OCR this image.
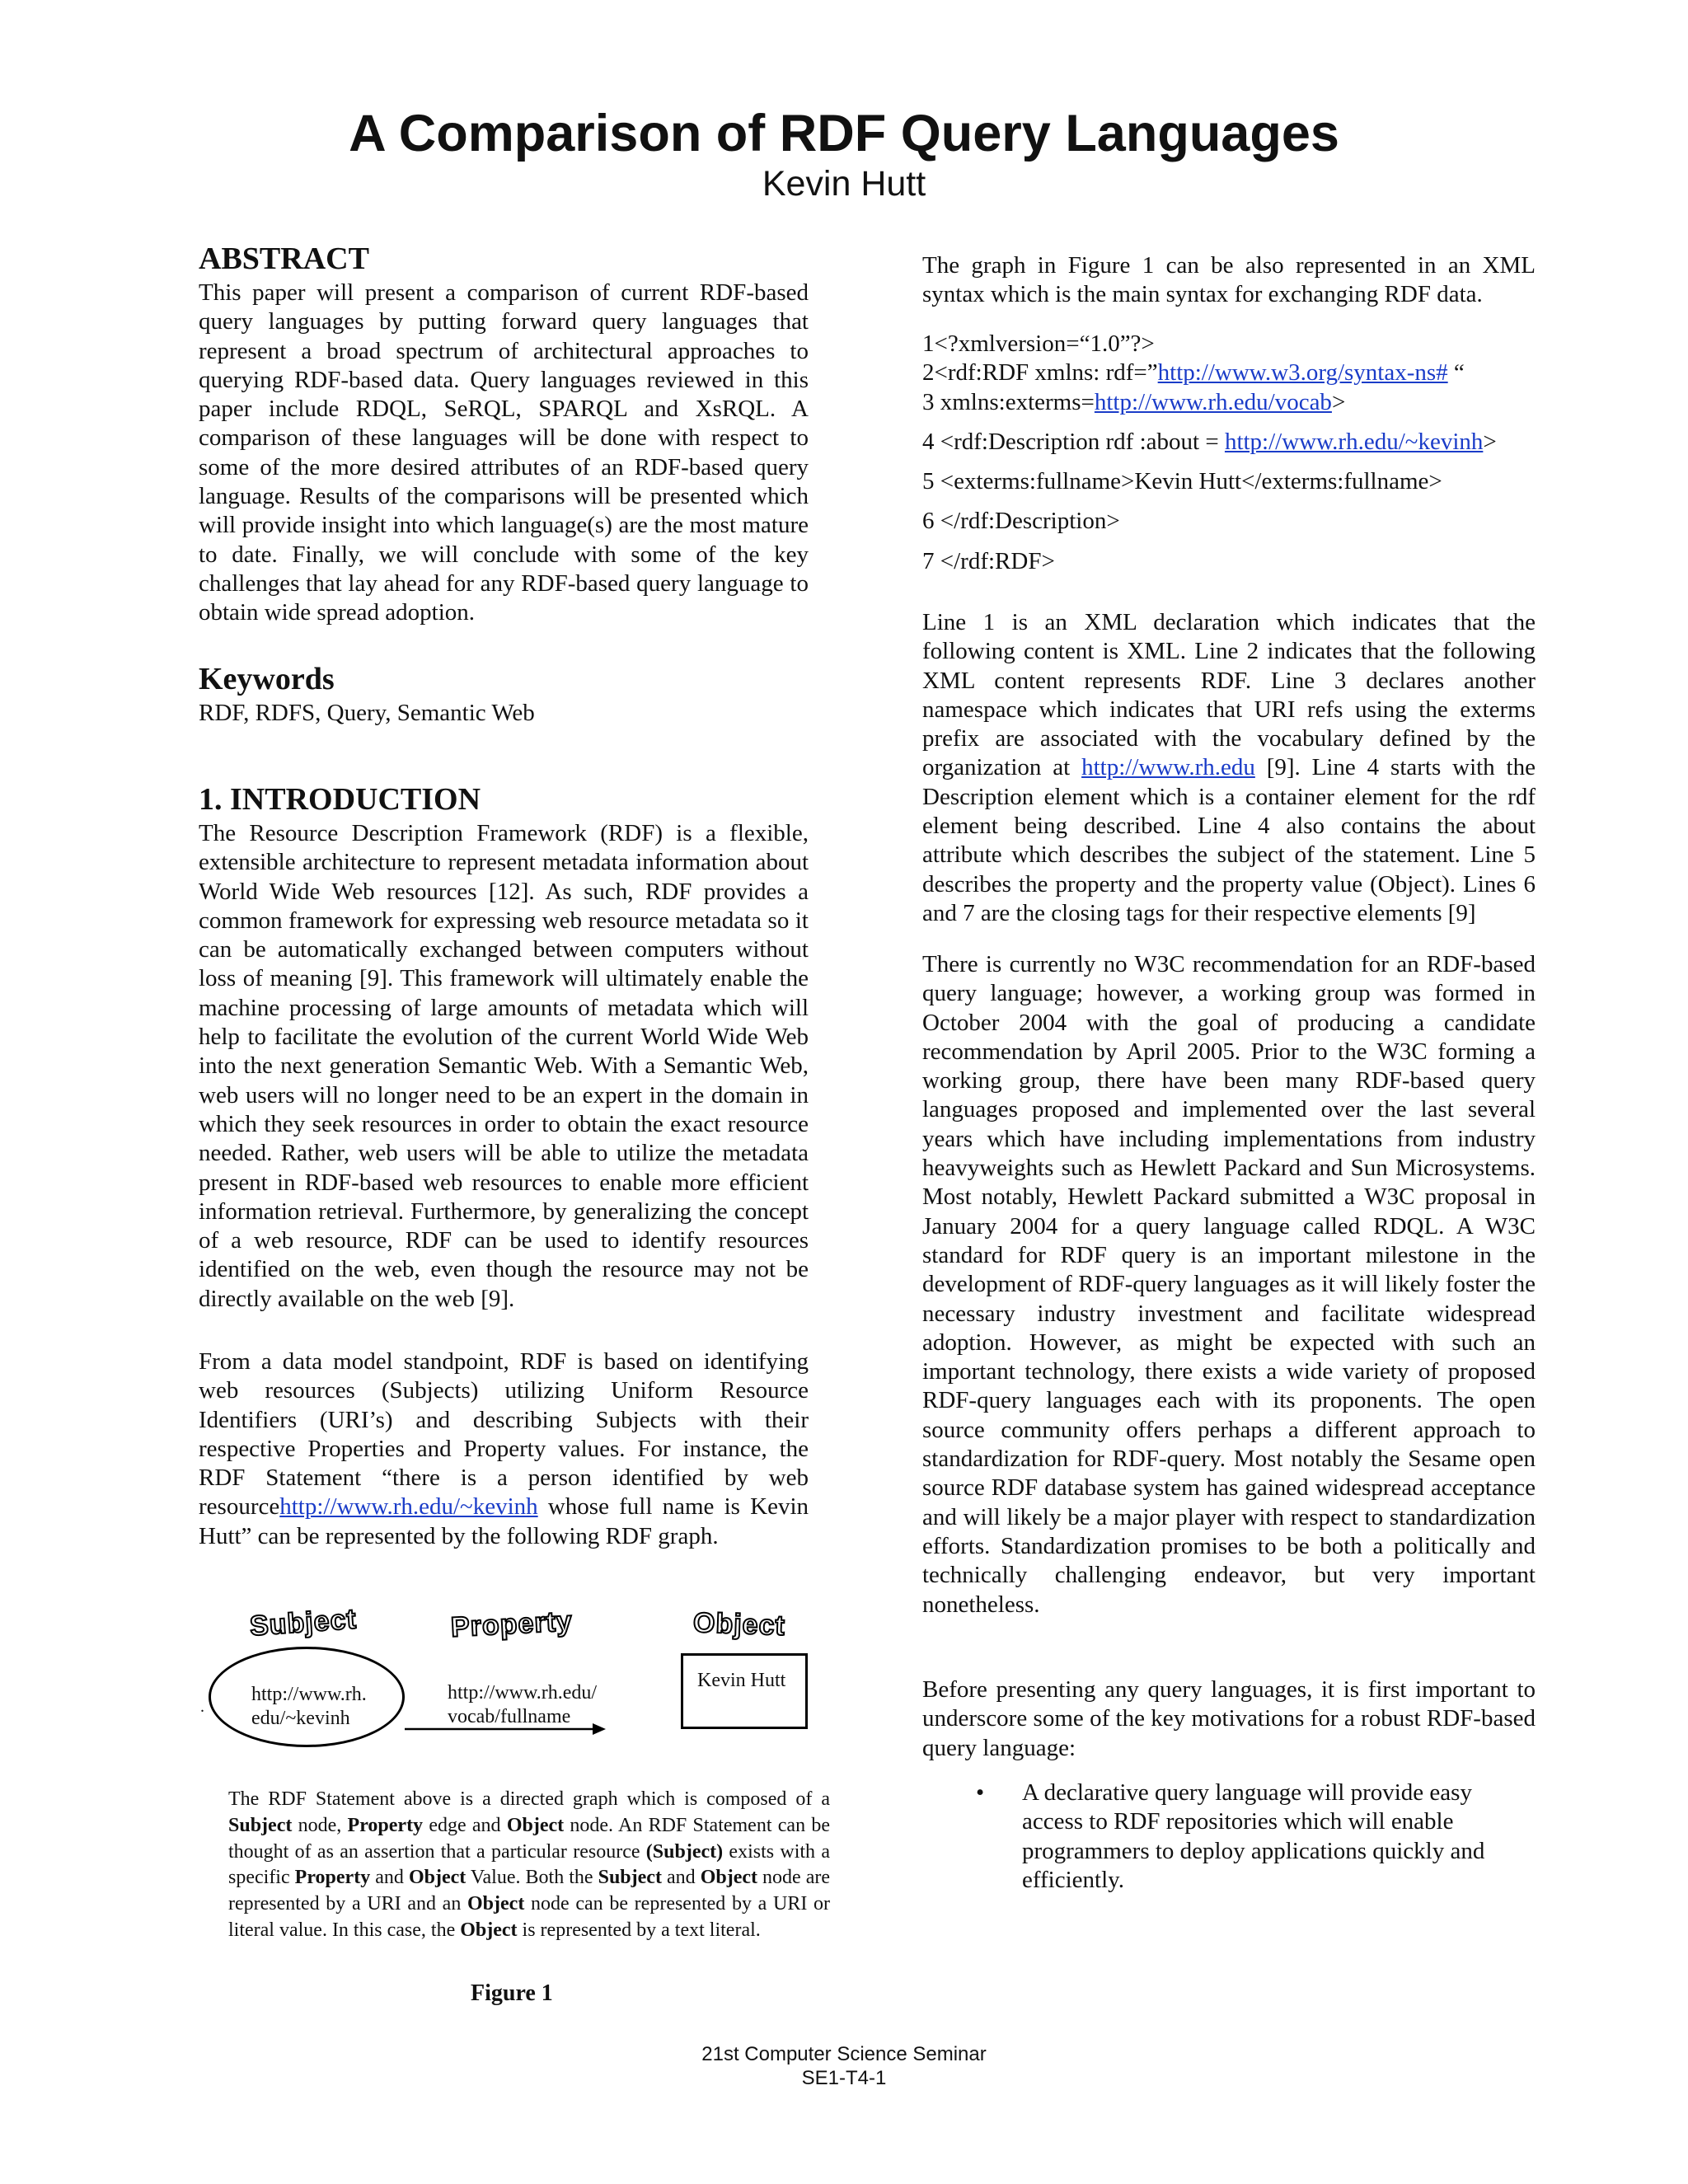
A Comparison of RDF Query Languages
Kevin Hutt
ABSTRACT

This paper will present a comparison of current RDF-based query languages by putting forward query languages that represent a broad spectrum of architectural approaches to querying RDF-based data. Query languages reviewed in this paper include RDQL, SeRQL, SPARQL and XsRQL. A comparison of these languages will be done with respect to some of the more desired attributes of an RDF-based query language. Results of the comparisons will be presented which will provide insight into which language(s) are the most mature to date. Finally, we will conclude with some of the key challenges that lay ahead for any RDF-based query language to obtain wide spread adoption.

Keywords

RDF, RDFS, Query, Semantic Web

1. INTRODUCTION

The Resource Description Framework (RDF) is a flexible, extensible architecture to represent metadata information about World Wide Web resources [12]. As such, RDF provides a common framework for expressing web resource metadata so it can be automatically exchanged between computers without loss of meaning [9]. This framework will ultimately enable the machine processing of large amounts of metadata which will help to facilitate the evolution of the current World Wide Web into the next generation Semantic Web. With a Semantic Web, web users will no longer need to be an expert in the domain in which they seek resources in order to obtain the exact resource needed. Rather, web users will be able to utilize the metadata present in RDF-based web resources to enable more efficient information retrieval. Furthermore, by generalizing the concept of a web resource, RDF can be used to identify resources identified on the web, even though the resource may not be directly available on the web [9].

From a data model standpoint, RDF is based on identifying web resources (Subjects) utilizing Uniform Resource Identifiers (URI’s) and describing Subjects with their respective Properties and Property values. For instance, the RDF Statement “there is a person identified by web resourcehttp://www.rh.edu/~kevinh whose full name is Kevin Hutt” can be represented by the following RDF graph.

Subject	Property	Object
.
http://www.rh.edu/~kevinh
http://www.rh.edu/vocab/fullname
Kevin Hutt

The RDF Statement above is a directed graph which is composed of a Subject node, Property edge and Object node. An RDF Statement can be thought of as an assertion that a particular resource (Subject) exists with a specific Property and Object Value. Both the Subject and Object node are represented by a URI and an Object node can be represented by a URI or literal value. In this case, the Object is represented by a text literal.

Figure 1

The graph in Figure 1 can be also represented in an XML syntax which is the main syntax for exchanging RDF data.

1<?xmlversion=“1.0”?>
2<rdf:RDF xmlns: rdf=”http://www.w3.org/syntax-ns# “
3 xmlns:exterms=http://www.rh.edu/vocab>
4 <rdf:Description rdf :about = http://www.rh.edu/~kevinh>
5 <exterms:fullname>Kevin Hutt</exterms:fullname>
6 </rdf:Description>
7 </rdf:RDF>

Line 1 is an XML declaration which indicates that the following content is XML. Line 2 indicates that the following XML content represents RDF. Line 3 declares another namespace which indicates that URI refs using the exterms prefix are associated with the vocabulary defined by the organization at http://www.rh.edu [9]. Line 4 starts with the Description element which is a container element for the rdf element being described. Line 4 also contains the about attribute which describes the subject of the statement. Line 5 describes the property and the property value (Object). Lines 6 and 7 are the closing tags for their respective elements [9]

There is currently no W3C recommendation for an RDF-based query language; however, a working group was formed in October 2004 with the goal of producing a candidate recommendation by April 2005. Prior to the W3C forming a working group, there have been many RDF-based query languages proposed and implemented over the last several years which have including implementations from industry heavyweights such as Hewlett Packard and Sun Microsystems. Most notably, Hewlett Packard submitted a W3C proposal in January 2004 for a query language called RDQL. A W3C standard for RDF query is an important milestone in the development of RDF-query languages as it will likely foster the necessary industry investment and facilitate widespread adoption. However, as might be expected with such an important technology, there exists a wide variety of proposed RDF-query languages each with its proponents. The open source community offers perhaps a different approach to standardization for RDF-query. Most notably the Sesame open source RDF database system has gained widespread acceptance and will likely be a major player with respect to standardization efforts. Standardization promises to be both a politically and technically challenging endeavor, but very important nonetheless.

Before presenting any query languages, it is first important to underscore some of the key motivations for a robust RDF-based query language:

• A declarative query language will provide easy access to RDF repositories which will enable programmers to deploy applications quickly and efficiently.
21st Computer Science Seminar
SE1-T4-1
